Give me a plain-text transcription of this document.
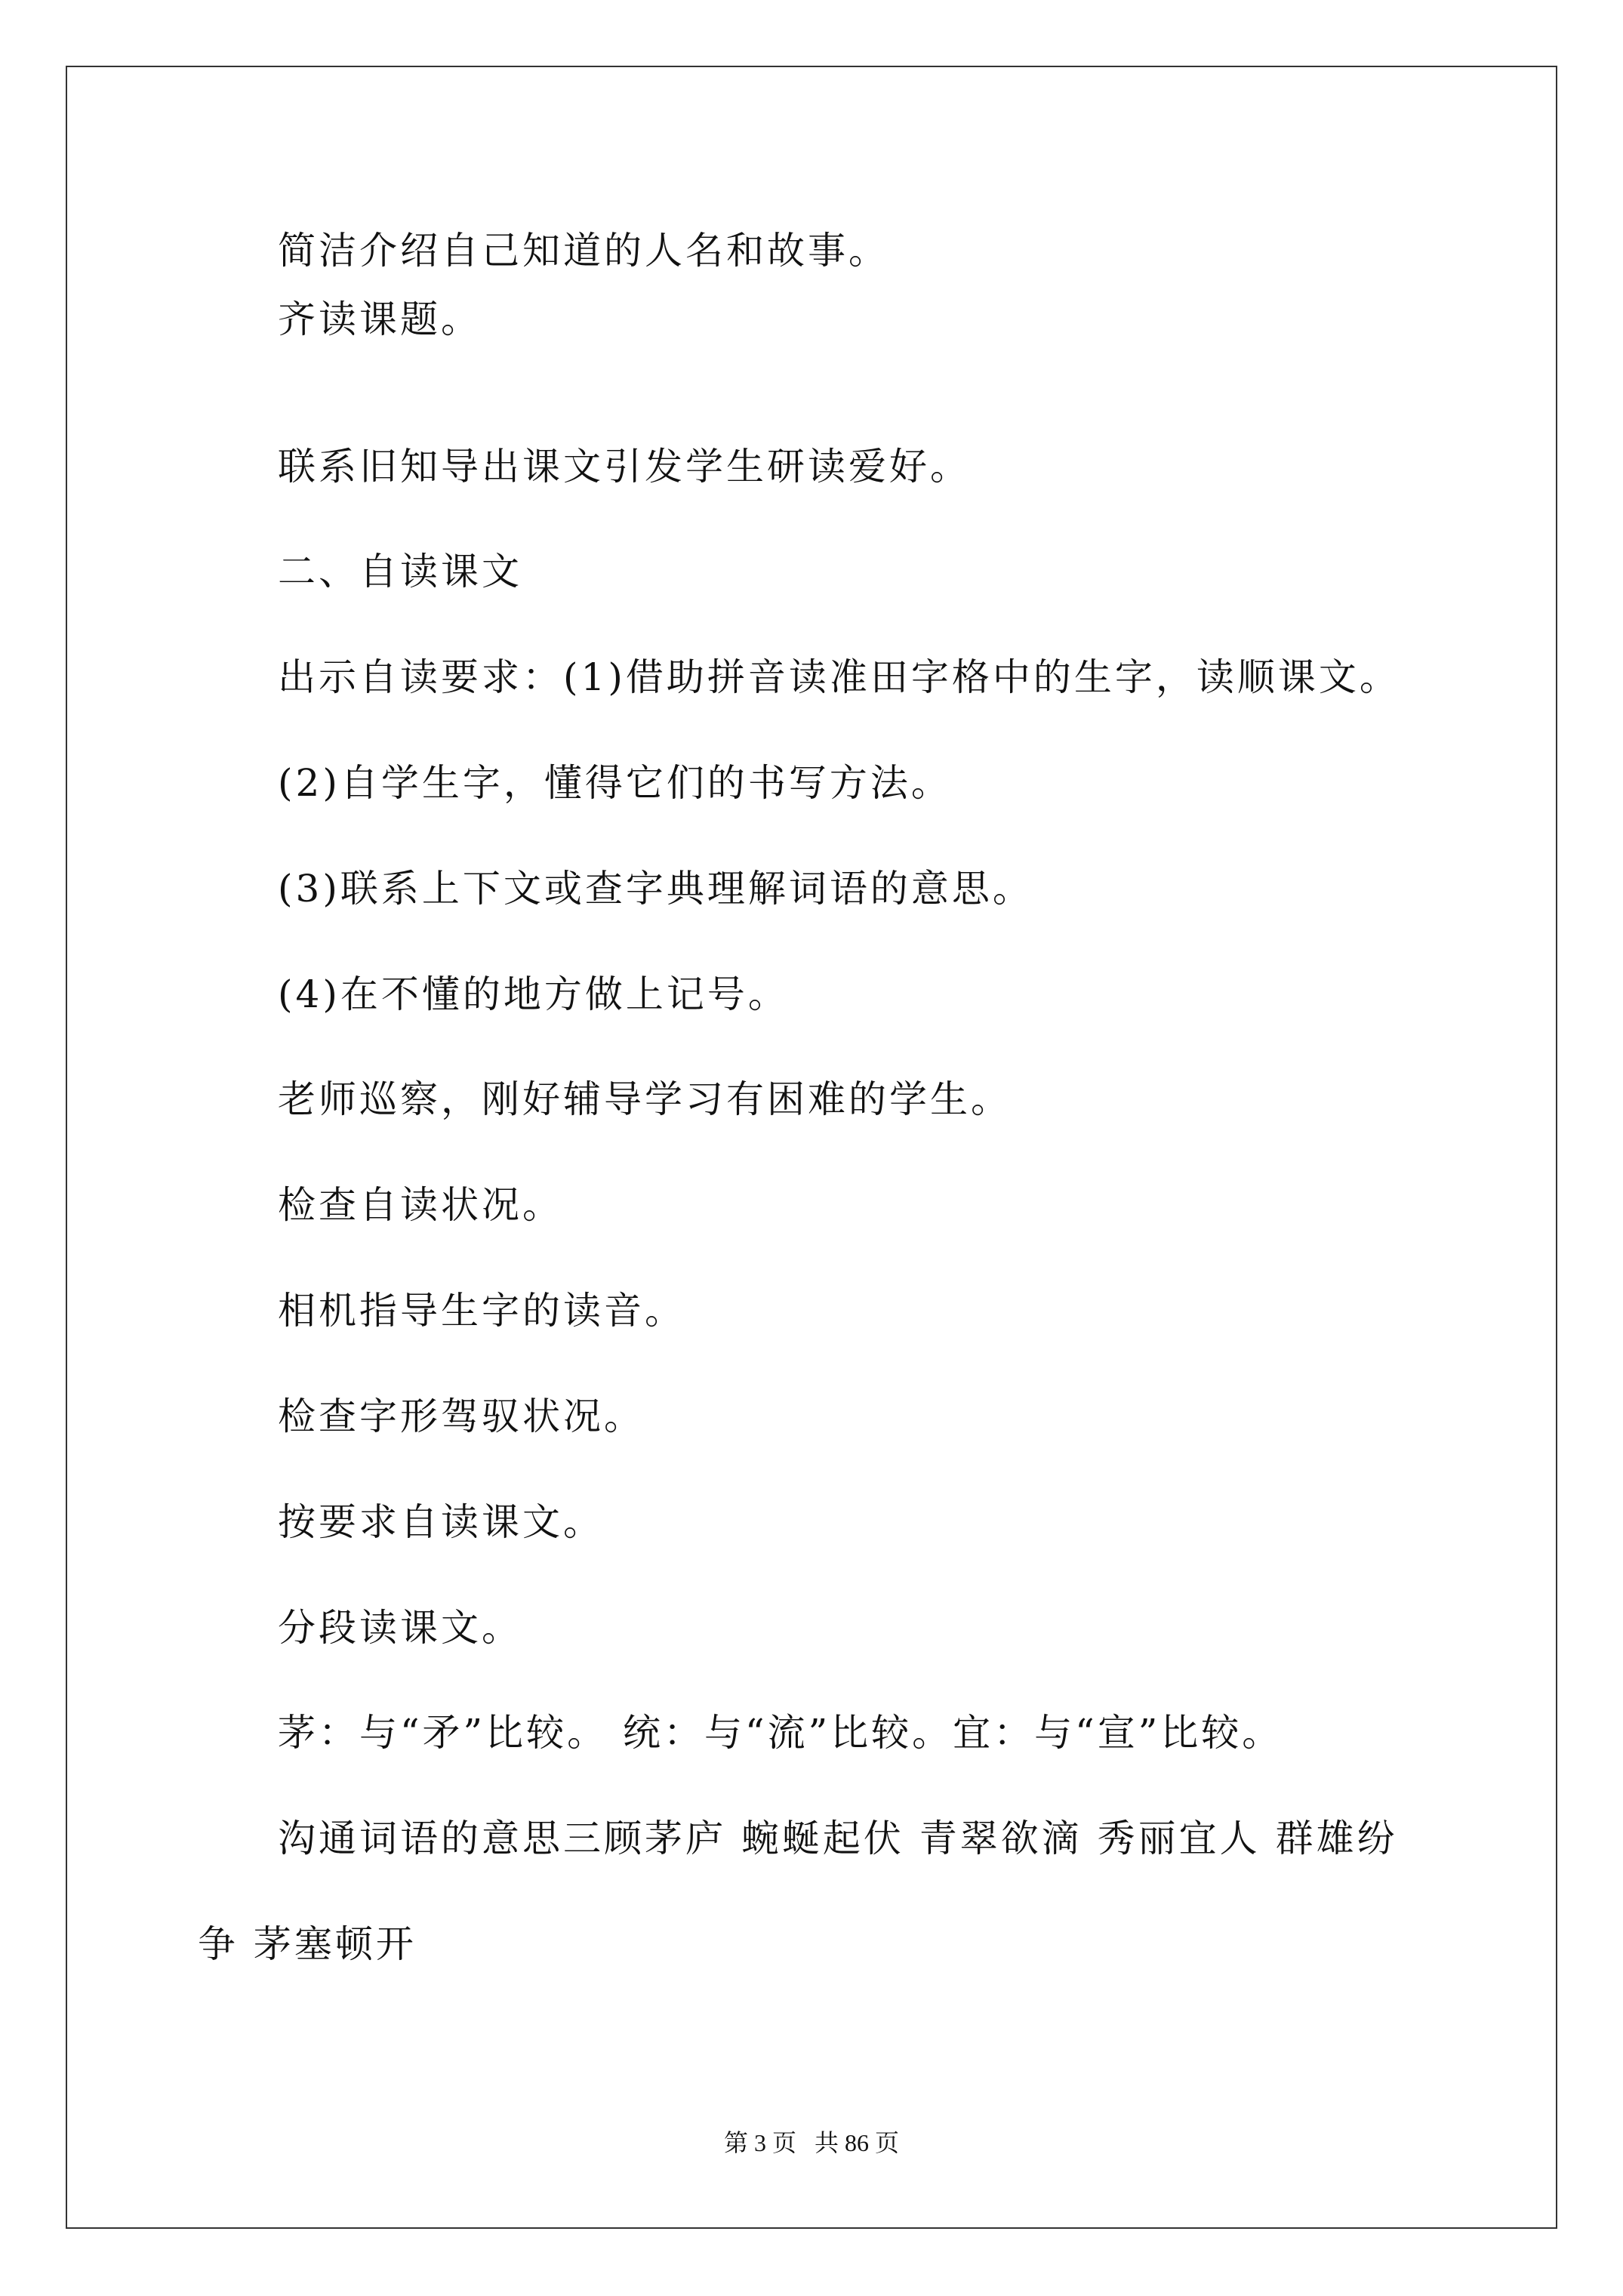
简洁介绍自己知道的人名和故事。
齐读课题。
联系旧知导出课文引发学生研读爱好。
二、自读课文
出示自读要求：(1)借助拼音读准田字格中的生字，读顺课文。
(2)自学生字，懂得它们的书写方法。
(3)联系上下文或查字典理解词语的意思。
(4)在不懂的地方做上记号。
老师巡察，刚好辅导学习有困难的学生。
检查自读状况。
相机指导生字的读音。
检查字形驾驭状况。
按要求自读课文。
分段读课文。
茅：与“矛”比较。 统：与“流”比较。宜：与“宣”比较。
沟通词语的意思三顾茅庐 蜿蜒起伏 青翠欲滴 秀丽宜人 群雄纷
争 茅塞顿开
第 3 页   共 86 页
